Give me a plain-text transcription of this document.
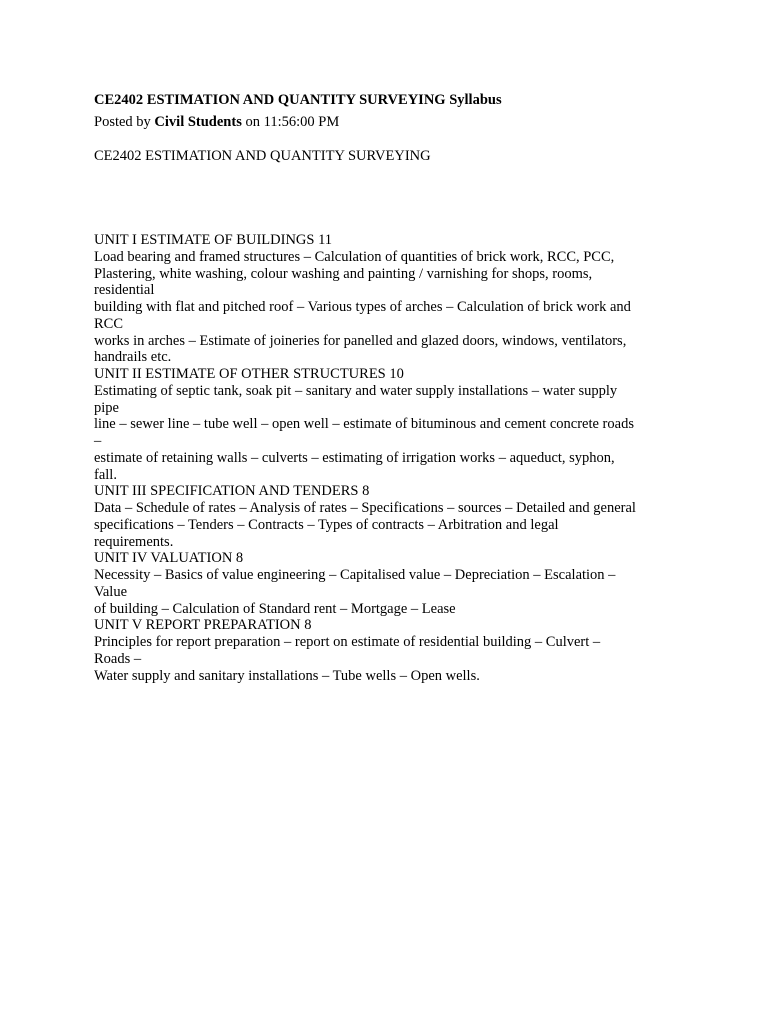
CE2402 ESTIMATION AND QUANTITY SURVEYING Syllabus
Posted by Civil Students on 11:56:00 PM
CE2402 ESTIMATION AND QUANTITY SURVEYING
UNIT I ESTIMATE OF BUILDINGS 11
Load bearing and framed structures – Calculation of quantities of brick work, RCC, PCC,
Plastering, white washing, colour washing and painting / varnishing for shops, rooms,
residential
building with flat and pitched roof – Various types of arches – Calculation of brick work and
RCC
works in arches – Estimate of joineries for panelled and glazed doors, windows, ventilators,
handrails etc.
UNIT II ESTIMATE OF OTHER STRUCTURES 10
Estimating of septic tank, soak pit – sanitary and water supply installations – water supply
pipe
line – sewer line – tube well – open well – estimate of bituminous and cement concrete roads
–
estimate of retaining walls – culverts – estimating of irrigation works – aqueduct, syphon,
fall.
UNIT III SPECIFICATION AND TENDERS 8
Data – Schedule of rates – Analysis of rates – Specifications – sources – Detailed and general
specifications – Tenders – Contracts – Types of contracts – Arbitration and legal
requirements.
UNIT IV VALUATION 8
Necessity – Basics of value engineering – Capitalised value – Depreciation – Escalation –
Value
of building – Calculation of Standard rent – Mortgage – Lease
UNIT V REPORT PREPARATION 8
Principles for report preparation – report on estimate of residential building – Culvert –
Roads –
Water supply and sanitary installations – Tube wells – Open wells.
